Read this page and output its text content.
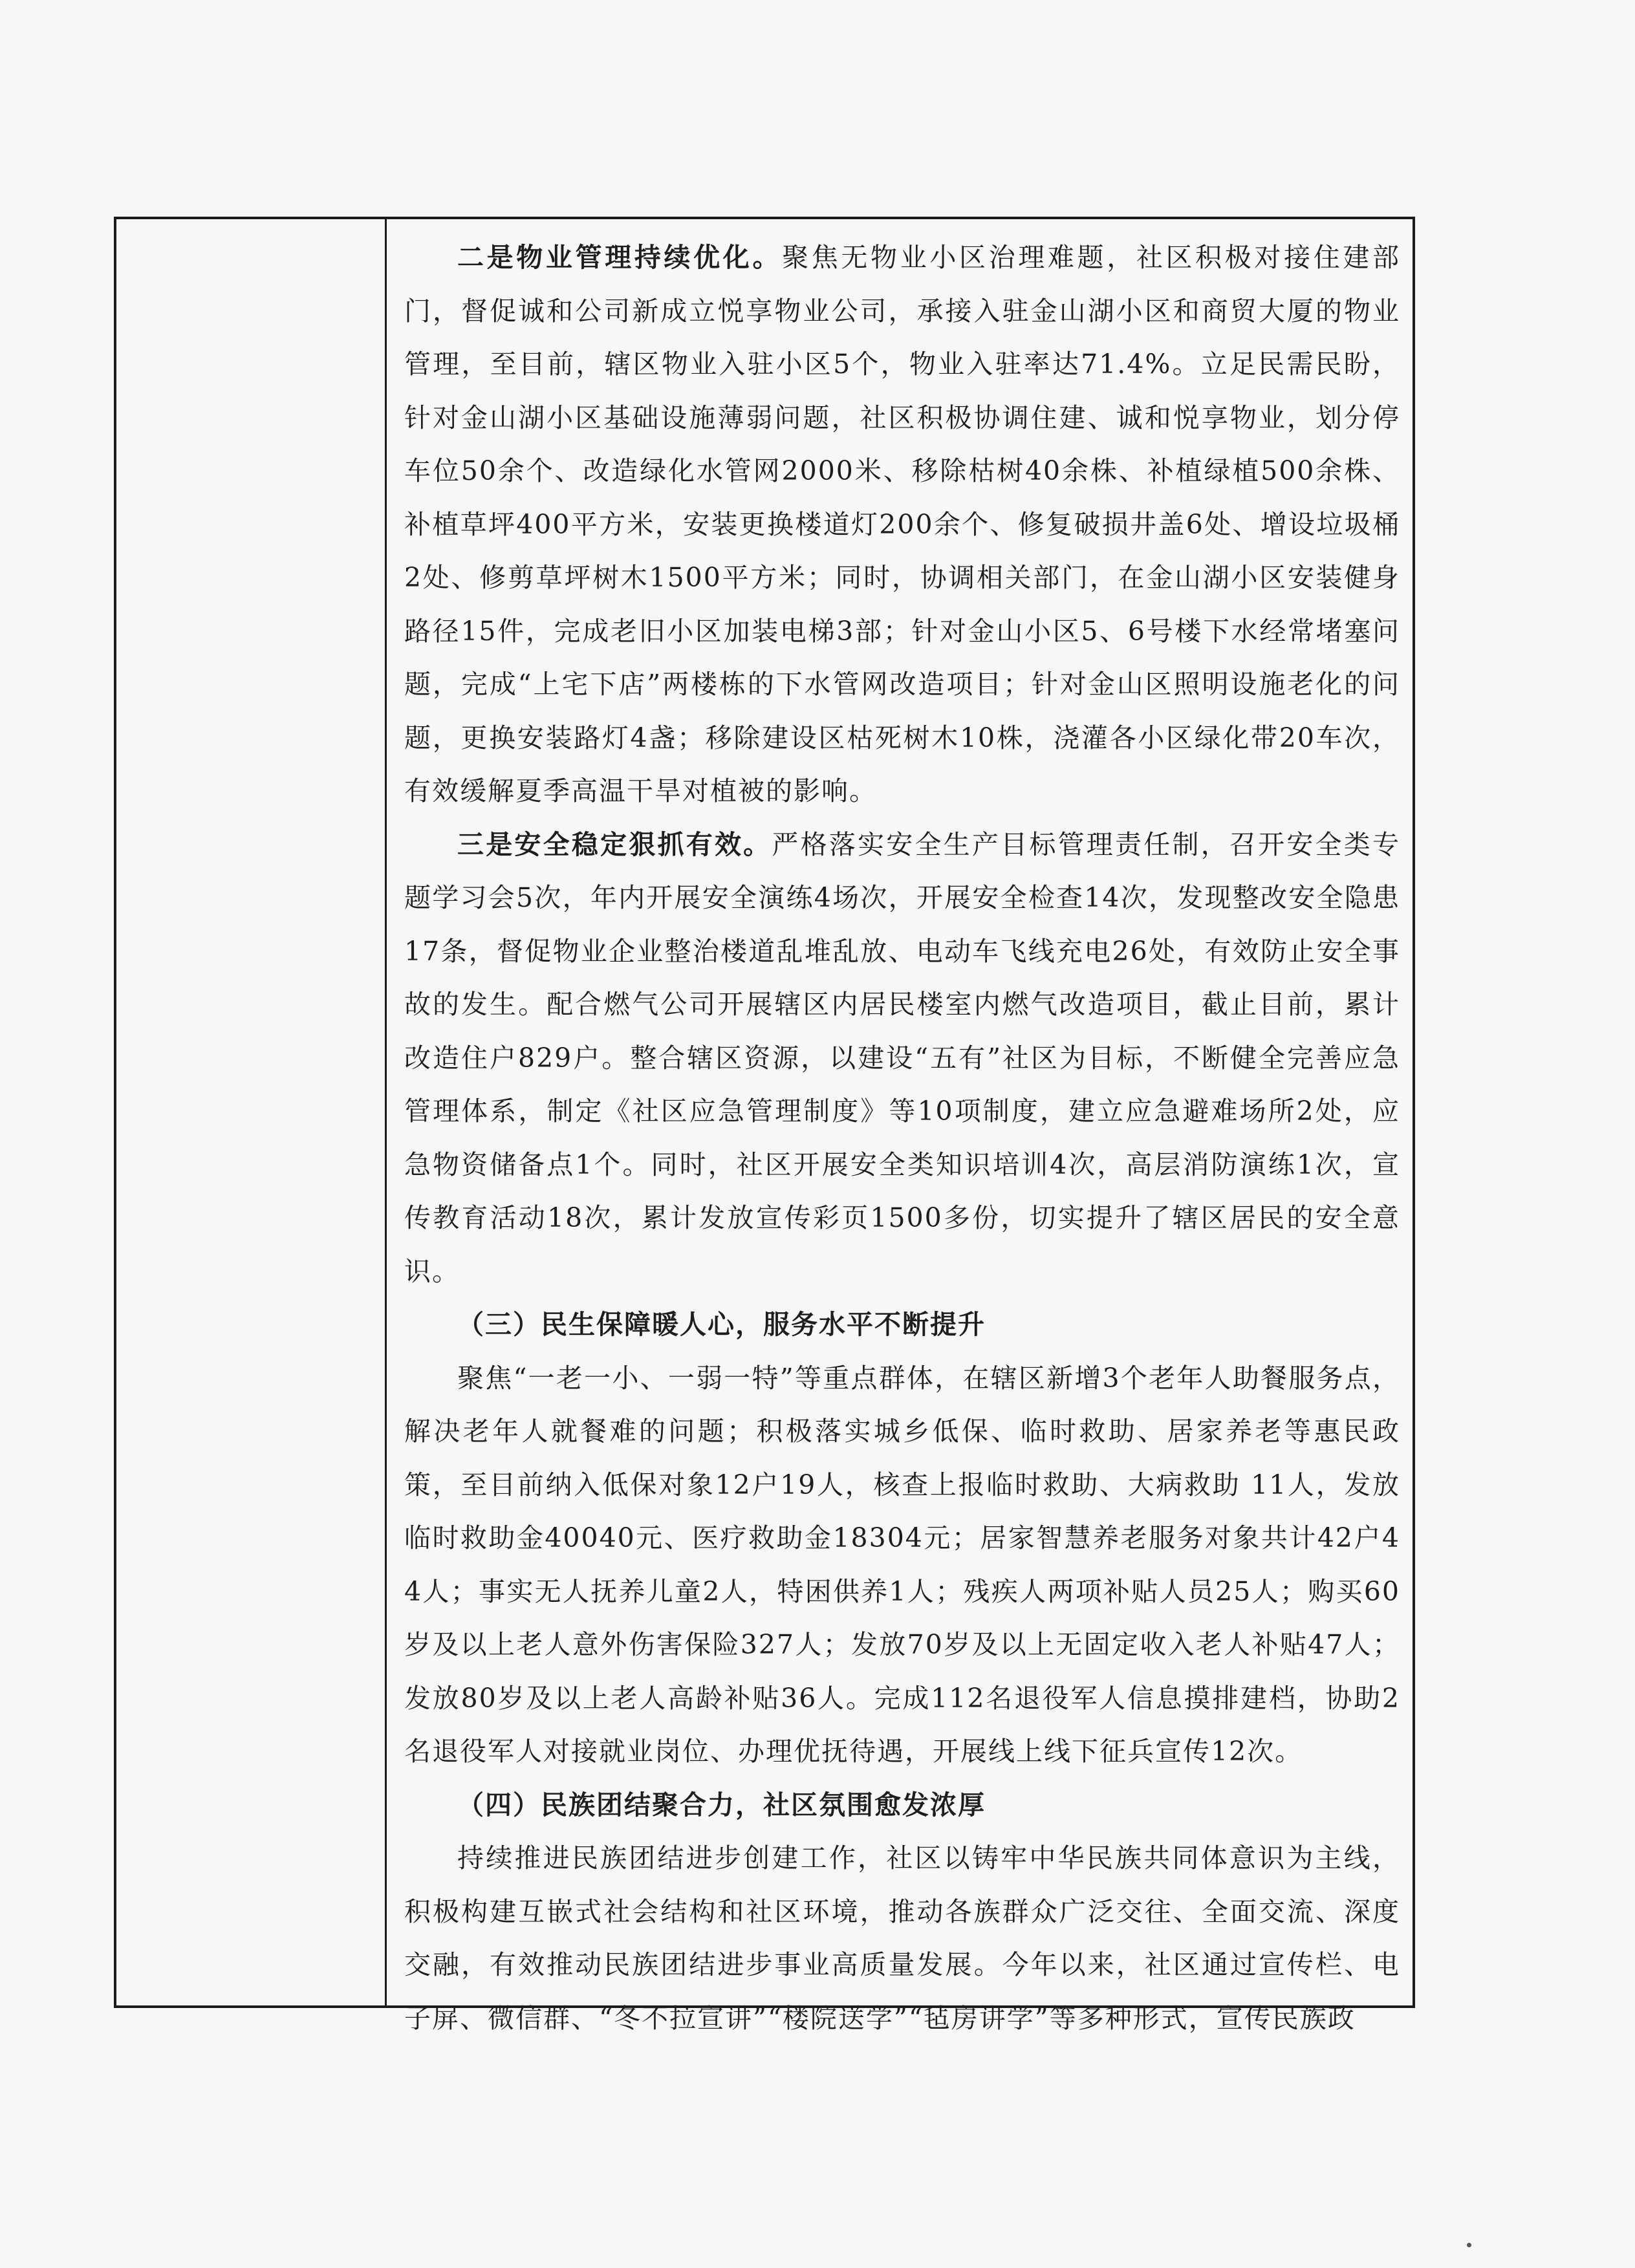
二是物业管理持续优化。聚焦无物业小区治理难题，社区积极对接住建部门，督促诚和公司新成立悦享物业公司，承接入驻金山湖小区和商贸大厦的物业管理，至目前，辖区物业入驻小区5个，物业入驻率达71.4%。立足民需民盼，针对金山湖小区基础设施薄弱问题，社区积极协调住建、诚和悦享物业，划分停车位50余个、改造绿化水管网2000米、移除枯树40余株、补植绿植500余株、补植草坪400平方米，安装更换楼道灯200余个、修复破损井盖6处、增设垃圾桶2处、修剪草坪树木1500平方米；同时，协调相关部门，在金山湖小区安装健身路径15件，完成老旧小区加装电梯3部；针对金山小区5、6号楼下水经常堵塞问题，完成“上宅下店”两楼栋的下水管网改造项目；针对金山区照明设施老化的问题，更换安装路灯4盏；移除建设区枯死树木10株，浇灌各小区绿化带20车次，有效缓解夏季高温干旱对植被的影响。

三是安全稳定狠抓有效。严格落实安全生产目标管理责任制，召开安全类专题学习会5次，年内开展安全演练4场次，开展安全检查14次，发现整改安全隐患17条，督促物业企业整治楼道乱堆乱放、电动车飞线充电26处，有效防止安全事故的发生。配合燃气公司开展辖区内居民楼室内燃气改造项目，截止目前，累计改造住户829户。整合辖区资源，以建设“五有”社区为目标，不断健全完善应急管理体系，制定《社区应急管理制度》等10项制度，建立应急避难场所2处，应急物资储备点1个。同时，社区开展安全类知识培训4次，高层消防演练1次，宣传教育活动18次，累计发放宣传彩页1500多份，切实提升了辖区居民的安全意识。

（三）民生保障暖人心，服务水平不断提升

聚焦“一老一小、一弱一特”等重点群体，在辖区新增3个老年人助餐服务点，解决老年人就餐难的问题；积极落实城乡低保、临时救助、居家养老等惠民政策，至目前纳入低保对象12户19人，核查上报临时救助、大病救助 11人，发放临时救助金40040元、医疗救助金18304元；居家智慧养老服务对象共计42户44人；事实无人抚养儿童2人，特困供养1人；残疾人两项补贴人员25人；购买60岁及以上老人意外伤害保险327人；发放70岁及以上无固定收入老人补贴47人；发放80岁及以上老人高龄补贴36人。完成112名退役军人信息摸排建档，协助2名退役军人对接就业岗位、办理优抚待遇，开展线上线下征兵宣传12次。

（四）民族团结聚合力，社区氛围愈发浓厚

持续推进民族团结进步创建工作，社区以铸牢中华民族共同体意识为主线，积极构建互嵌式社会结构和社区环境，推动各族群众广泛交往、全面交流、深度交融，有效推动民族团结进步事业高质量发展。今年以来，社区通过宣传栏、电子屏、微信群、“冬不拉宣讲”“楼院送学”“毡房讲学”等多种形式，宣传民族政
